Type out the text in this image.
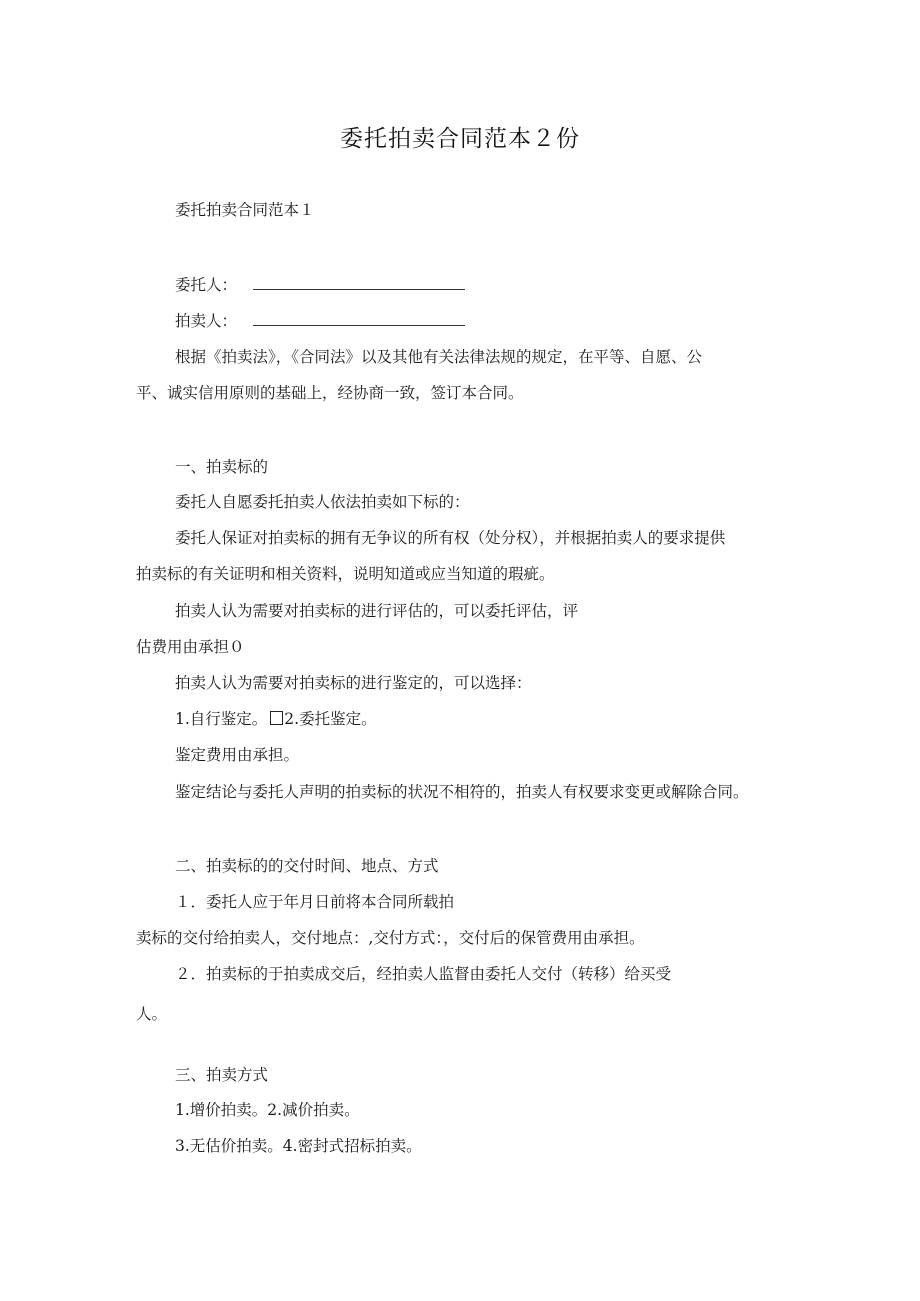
委托拍卖合同范本２份
委托拍卖合同范本１
委托人：
拍卖人：
根据《拍卖法》，《合同法》以及其他有关法律法规的规定，在平等、自愿、公
平、诚实信用原则的基础上，经协商一致，签订本合同。
一、拍卖标的
委托人自愿委托拍卖人依法拍卖如下标的：
委托人保证对拍卖标的拥有无争议的所有权（处分权），并根据拍卖人的要求提供
拍卖标的有关证明和相关资料，说明知道或应当知道的瑕疵。
拍卖人认为需要对拍卖标的进行评估的，可以委托评估，评
估费用由承担０
拍卖人认为需要对拍卖标的进行鉴定的，可以选择：
1.自行鉴定。 2.委托鉴定。
鉴定费用由承担。
鉴定结论与委托人声明的拍卖标的状况不相符的，拍卖人有权要求变更或解除合同。
二、拍卖标的的交付时间、地点、方式
１．委托人应于年月日前将本合同所载拍
卖标的交付给拍卖人，交付地点：,交付方式：，交付后的保管费用由承担。
２．拍卖标的于拍卖成交后，经拍卖人监督由委托人交付（转移）给买受
人。
三、拍卖方式
1.增价拍卖。2.减价拍卖。
3.无估价拍卖。4.密封式招标拍卖。
